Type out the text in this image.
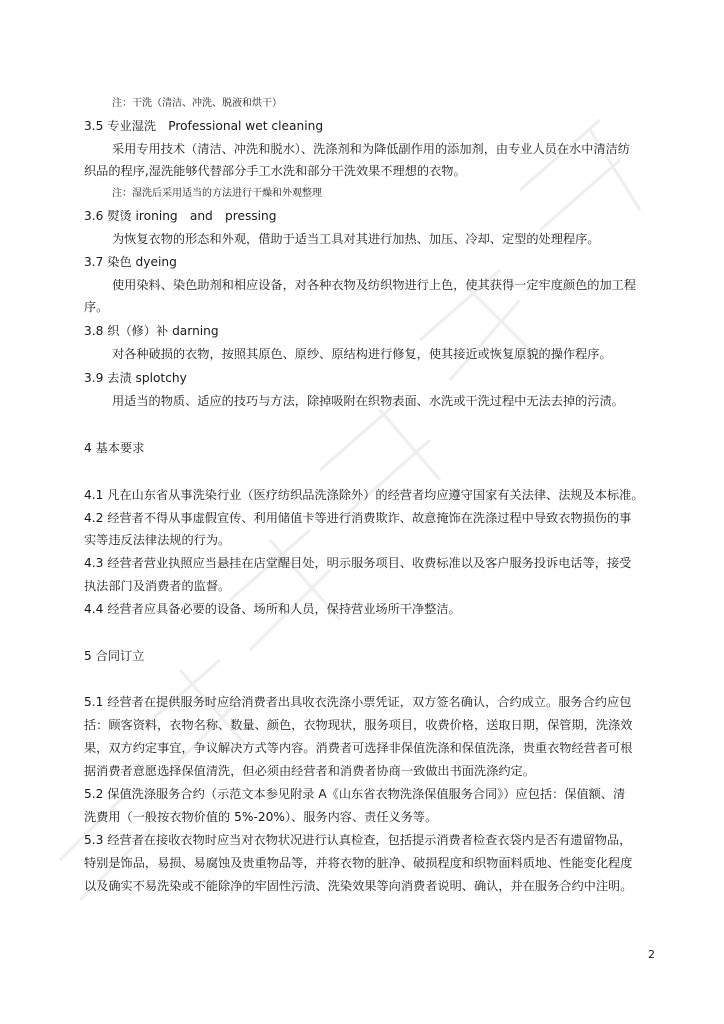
注：干洗（清洁、冲洗、脱液和烘干）
3.5 专业湿洗　Professional wet cleaning
采用专用技术（清洁、冲洗和脱水）、洗涤剂和为降低副作用的添加剂，由专业人员在水中清洁纺
织品的程序,湿洗能够代替部分手工水洗和部分干洗效果不理想的衣物。
注：湿洗后采用适当的方法进行干燥和外观整理
3.6 熨烫 ironing　and　pressing
为恢复衣物的形态和外观，借助于适当工具对其进行加热、加压、冷却、定型的处理程序。
3.7 染色 dyeing
使用染料、染色助剂和相应设备，对各种衣物及纺织物进行上色，使其获得一定牢度颜色的加工程
序。
3.8 织（修）补 darning
对各种破损的衣物，按照其原色、原纱、原结构进行修复，使其接近或恢复原貌的操作程序。
3.9 去渍 splotchy
用适当的物质、适应的技巧与方法，除掉吸附在织物表面、水洗或干洗过程中无法去掉的污渍。
4 基本要求
4.1 凡在山东省从事洗染行业（医疗纺织品洗涤除外）的经营者均应遵守国家有关法律、法规及本标准。
4.2 经营者不得从事虚假宣传、利用储值卡等进行消费欺诈、故意掩饰在洗涤过程中导致衣物损伤的事
实等违反法律法规的行为。
4.3 经营者营业执照应当悬挂在店堂醒目处，明示服务项目、收费标准以及客户服务投诉电话等，接受
执法部门及消费者的监督。
4.4 经营者应具备必要的设备、场所和人员，保持营业场所干净整洁。
5 合同订立
5.1 经营者在提供服务时应给消费者出具收衣洗涤小票凭证，双方签名确认，合约成立。服务合约应包
括：顾客资料，衣物名称、数量、颜色，衣物现状，服务项目，收费价格，送取日期，保管期，洗涤效
果，双方约定事宜，争议解决方式等内容。消费者可选择非保值洗涤和保值洗涤，贵重衣物经营者可根
据消费者意愿选择保值清洗，但必须由经营者和消费者协商一致做出书面洗涤约定。
5.2 保值洗涤服务合约（示范文本参见附录 A《山东省衣物洗涤保值服务合同》）应包括：保值额、清
洗费用（一般按衣物价值的 5%-20%）、服务内容、责任义务等。
5.3 经营者在接收衣物时应当对衣物状况进行认真检查，包括提示消费者检查衣袋内是否有遗留物品，
特别是饰品，易损、易腐蚀及贵重物品等，并将衣物的脏净、破损程度和织物面料质地、性能变化程度
以及确实不易洗染或不能除净的牢固性污渍、洗染效果等向消费者说明、确认，并在服务合约中注明。
2
